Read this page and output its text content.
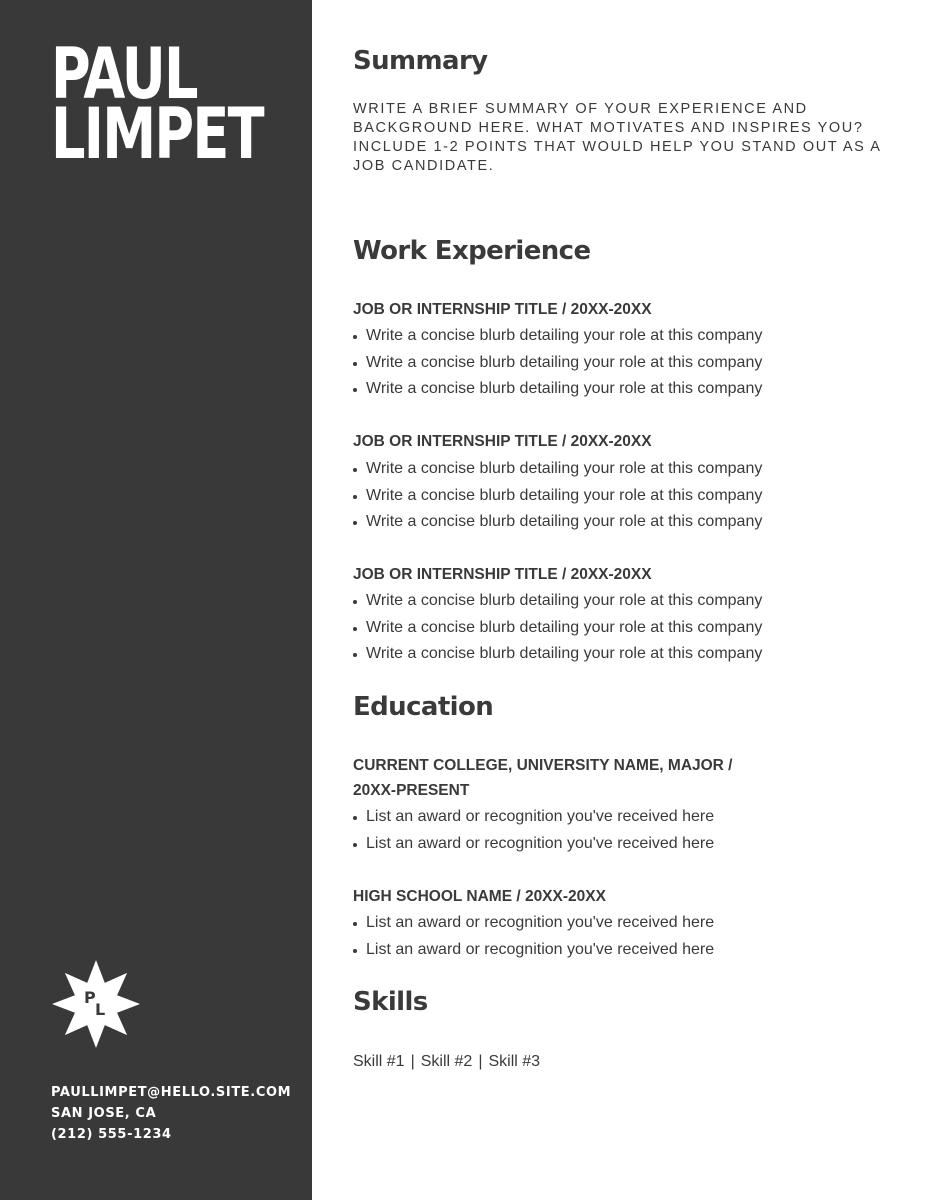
PAUL
LIMPET
P
L
PAULLIMPET@HELLO.SITE.COM
SAN JOSE, CA
(212) 555-1234
Summary
WRITE A BRIEF SUMMARY OF YOUR EXPERIENCE AND BACKGROUND HERE. WHAT MOTIVATES AND INSPIRES YOU? INCLUDE 1-2 POINTS THAT WOULD HELP YOU STAND OUT AS A JOB CANDIDATE.
Work Experience
JOB OR INTERNSHIP TITLE / 20XX-20XX
Write a concise blurb detailing your role at this company
Write a concise blurb detailing your role at this company
Write a concise blurb detailing your role at this company
JOB OR INTERNSHIP TITLE / 20XX-20XX
Write a concise blurb detailing your role at this company
Write a concise blurb detailing your role at this company
Write a concise blurb detailing your role at this company
JOB OR INTERNSHIP TITLE / 20XX-20XX
Write a concise blurb detailing your role at this company
Write a concise blurb detailing your role at this company
Write a concise blurb detailing your role at this company
Education
CURRENT COLLEGE, UNIVERSITY NAME, MAJOR /
20XX-PRESENT
List an award or recognition you've received here
List an award or recognition you've received here
HIGH SCHOOL NAME / 20XX-20XX
List an award or recognition you've received here
List an award or recognition you've received here
Skills
Skill #1 | Skill #2 | Skill #3
